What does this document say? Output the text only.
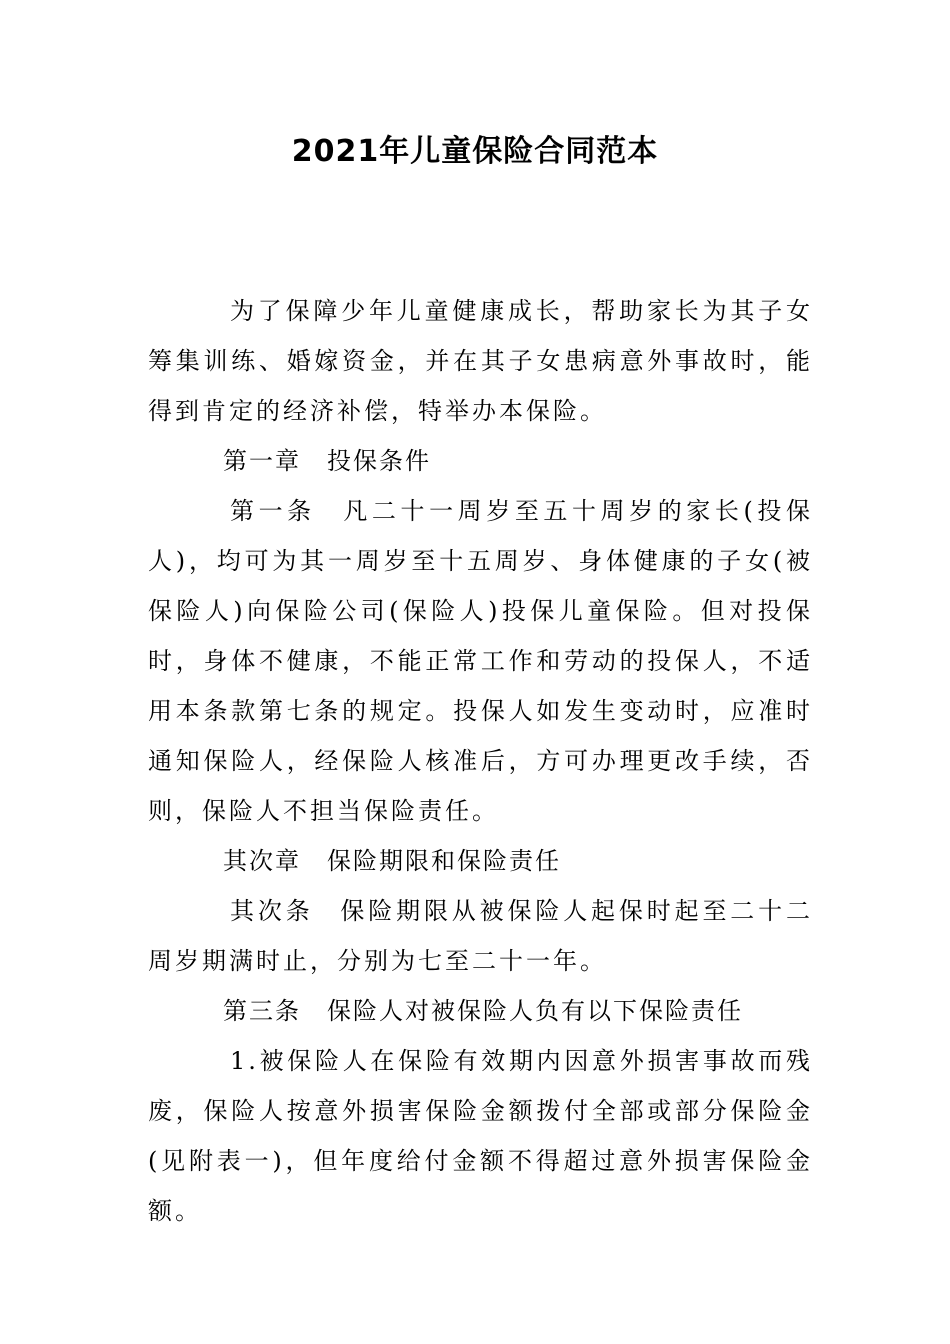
2021年儿童保险合同范本

为了保障少年儿童健康成长，帮助家长为其子女筹集训练、婚嫁资金，并在其子女患病意外事故时，能得到肯定的经济补偿，特举办本保险。

第一章 投保条件

第一条 凡二十一周岁至五十周岁的家长(投保人)，均可为其一周岁至十五周岁、身体健康的子女(被保险人)向保险公司(保险人)投保儿童保险。但对投保时，身体不健康，不能正常工作和劳动的投保人，不适用本条款第七条的规定。投保人如发生变动时，应准时通知保险人，经保险人核准后，方可办理更改手续，否则，保险人不担当保险责任。

其次章 保险期限和保险责任

其次条 保险期限从被保险人起保时起至二十二周岁期满时止，分别为七至二十一年。

第三条 保险人对被保险人负有以下保险责任

1.被保险人在保险有效期内因意外损害事故而残废，保险人按意外损害保险金额拨付全部或部分保险金(见附表一)，但年度给付金额不得超过意外损害保险金额。
